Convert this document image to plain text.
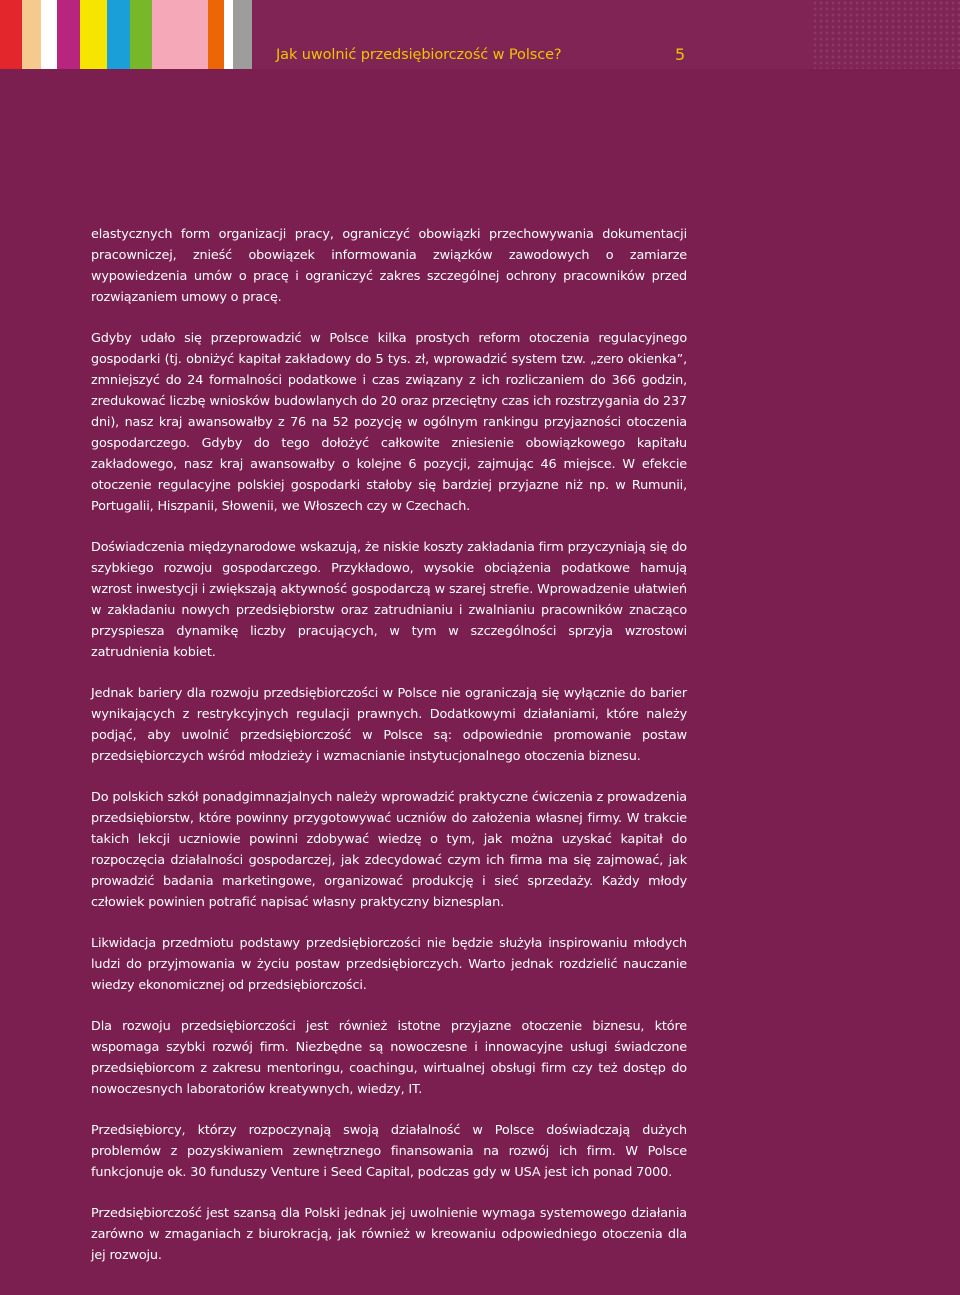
Jak uwolnić przedsiębiorczość w Polsce?	5

elastycznych form organizacji pracy, ograniczyć obowiązki przechowywania dokumentacji pracowniczej, znieść obowiązek informowania związków zawodowych o zamiarze wypowiedzenia umów o pracę i ograniczyć zakres szczególnej ochrony pracowników przed rozwiązaniem umowy o pracę.

Gdyby udało się przeprowadzić w Polsce kilka prostych reform otoczenia regulacyjnego gospodarki (tj. obniżyć kapitał zakładowy do 5 tys. zł, wprowadzić system tzw. „zero okienka”, zmniejszyć do 24 formalności podatkowe i czas związany z ich rozliczaniem do 366 godzin, zredukować liczbę wniosków budowlanych do 20 oraz przeciętny czas ich rozstrzygania do 237 dni), nasz kraj awansowałby z 76 na 52 pozycję w ogólnym rankingu przyjazności otoczenia gospodarczego. Gdyby do tego dołożyć całkowite zniesienie obowiązkowego kapitału zakładowego, nasz kraj awansowałby o kolejne 6 pozycji, zajmując 46 miejsce. W efekcie otoczenie regulacyjne polskiej gospodarki stałoby się bardziej przyjazne niż np. w Rumunii, Portugalii, Hiszpanii, Słowenii, we Włoszech czy w Czechach.

Doświadczenia międzynarodowe wskazują, że niskie koszty zakładania firm przyczyniają się do szybkiego rozwoju gospodarczego. Przykładowo, wysokie obciążenia podatkowe hamują wzrost inwestycji i zwiększają aktywność gospodarczą w szarej strefie. Wprowadzenie ułatwień w zakładaniu nowych przedsiębiorstw oraz zatrudnianiu i zwalnianiu pracowników znacząco przyspiesza dynamikę liczby pracujących, w tym w szczególności sprzyja wzrostowi zatrudnienia kobiet.

Jednak bariery dla rozwoju przedsiębiorczości w Polsce nie ograniczają się wyłącznie do barier wynikających z restrykcyjnych regulacji prawnych. Dodatkowymi działaniami, które należy podjąć, aby uwolnić przedsiębiorczość w Polsce są: odpowiednie promowanie postaw przedsiębiorczych wśród młodzieży i wzmacnianie instytucjonalnego otoczenia biznesu.

Do polskich szkół ponadgimnazjalnych należy wprowadzić praktyczne ćwiczenia z prowadzenia przedsiębiorstw, które powinny przygotowywać uczniów do założenia własnej firmy. W trakcie takich lekcji uczniowie powinni zdobywać wiedzę o tym, jak można uzyskać kapitał do rozpoczęcia działalności gospodarczej, jak zdecydować czym ich firma ma się zajmować, jak prowadzić badania marketingowe, organizować produkcję i sieć sprzedaży. Każdy młody człowiek powinien potrafić napisać własny praktyczny biznesplan.

Likwidacja przedmiotu podstawy przedsiębiorczości nie będzie służyła inspirowaniu młodych ludzi do przyjmowania w życiu postaw przedsiębiorczych. Warto jednak rozdzielić nauczanie wiedzy ekonomicznej od przedsiębiorczości.

Dla rozwoju przedsiębiorczości jest również istotne przyjazne otoczenie biznesu, które wspomaga szybki rozwój firm. Niezbędne są nowoczesne i innowacyjne usługi świadczone przedsiębiorcom z zakresu mentoringu, coachingu, wirtualnej obsługi firm czy też dostęp do nowoczesnych laboratoriów kreatywnych, wiedzy, IT.

Przedsiębiorcy, którzy rozpoczynają swoją działalność w Polsce doświadczają dużych problemów z pozyskiwaniem zewnętrznego finansowania na rozwój ich firm. W Polsce funkcjonuje ok. 30 funduszy Venture i Seed Capital, podczas gdy w USA jest ich ponad 7000.

Przedsiębiorczość jest szansą dla Polski jednak jej uwolnienie wymaga systemowego działania zarówno w zmaganiach z biurokracją, jak również w kreowaniu odpowiedniego otoczenia dla jej rozwoju.
